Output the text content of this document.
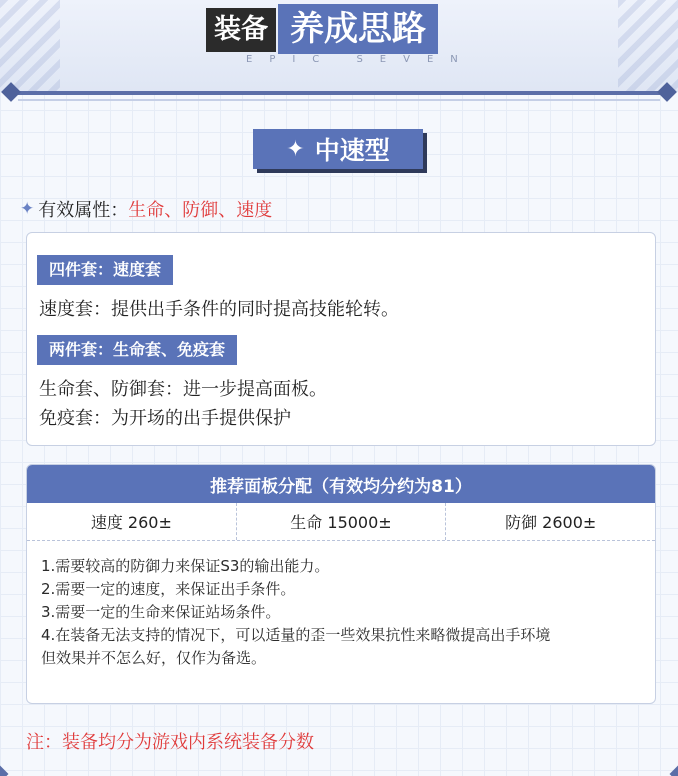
装备 养成思路
EPIC SEVEN
✦ 中速型
✦ 有效属性： 生命、防御、速度
四件套：速度套
速度套：提供出手条件的同时提高技能轮转。
两件套：生命套、免疫套
生命套、防御套：进一步提高面板。
免疫套：为开场的出手提供保护
推荐面板分配（有效均分约为81）
速度 260±	生命 15000±	防御 2600±
1.需要较高的防御力来保证S3的输出能力。
2.需要一定的速度，来保证出手条件。
3.需要一定的生命来保证站场条件。
4.在装备无法支持的情况下，可以适量的歪一些效果抗性来略微提高出手环境
但效果并不怎么好，仅作为备选。
注：装备均分为游戏内系统装备分数
